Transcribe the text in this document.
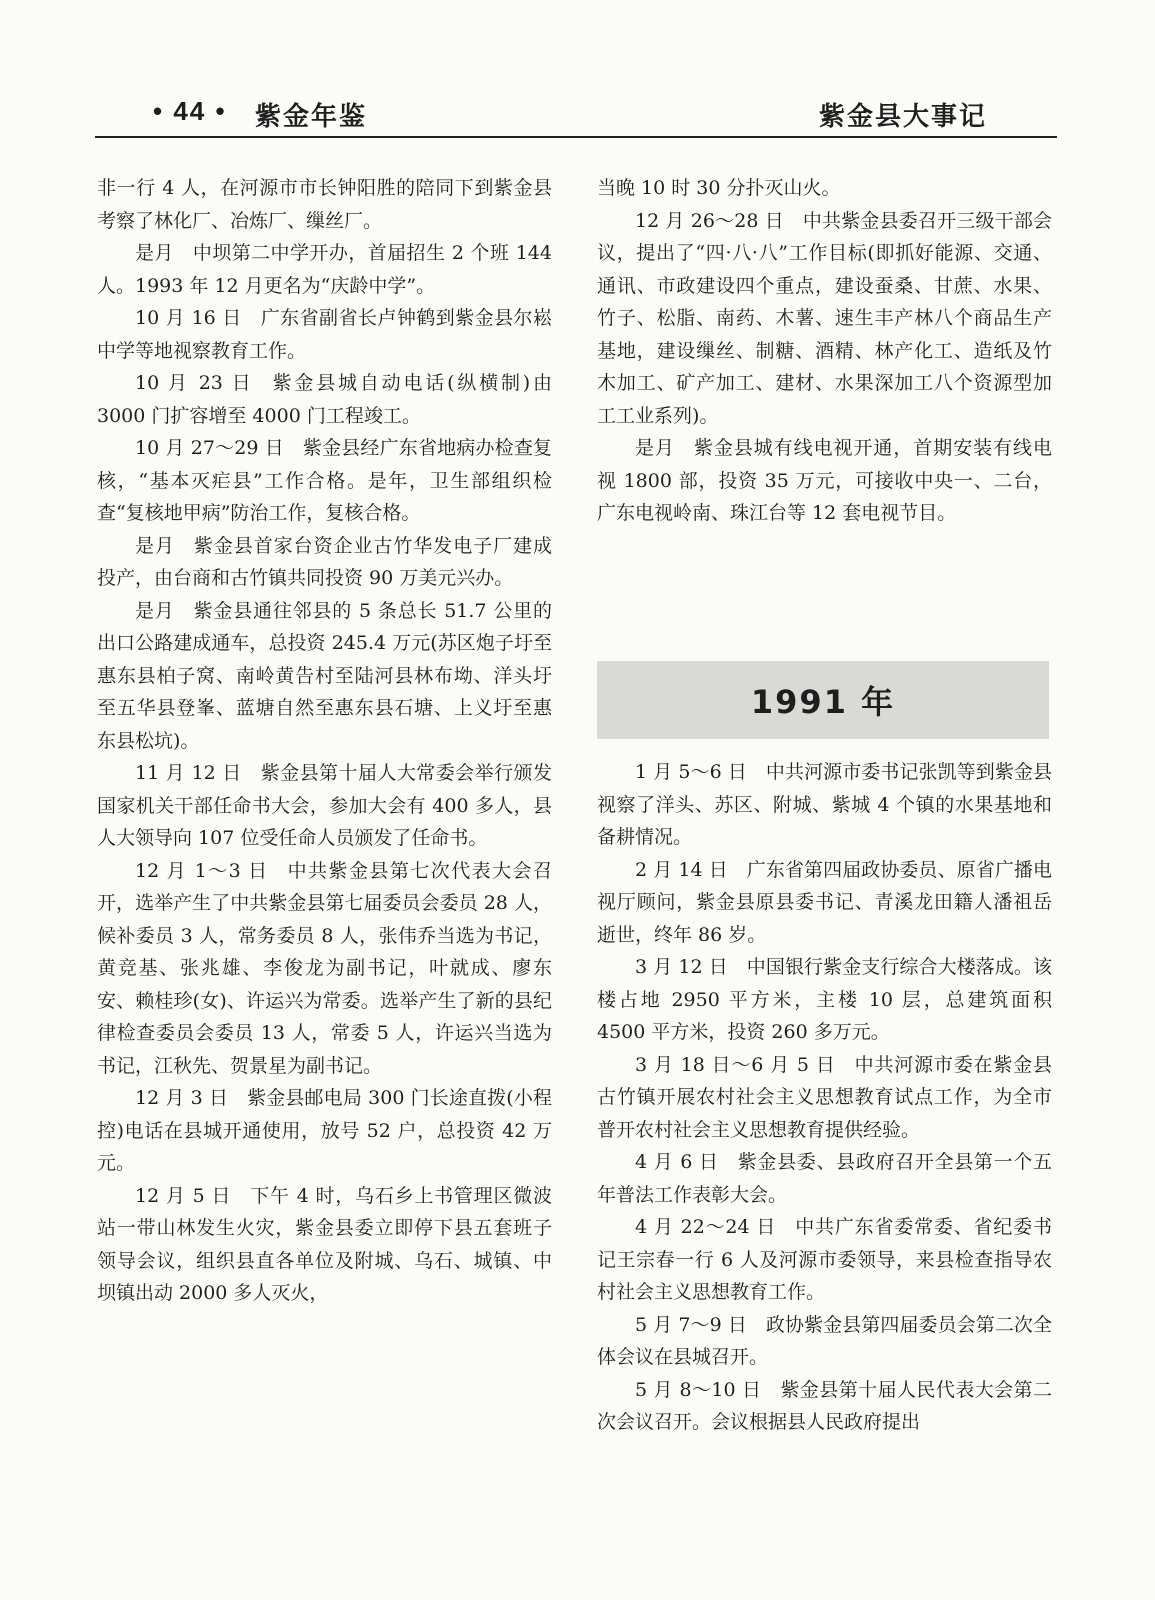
• 44 • 紫金年鉴	紫金县大事记

非一行 4 人，在河源市市长钟阳胜的陪同下到紫金县考察了林化厂、冶炼厂、缫丝厂。

是月 中坝第二中学开办，首届招生 2 个班 144 人。1993 年 12 月更名为“庆龄中学”。

10 月 16 日 广东省副省长卢钟鹤到紫金县尔崧中学等地视察教育工作。

10 月 23 日 紫金县城自动电话(纵横制)由 3000 门扩容增至 4000 门工程竣工。

10 月 27～29 日 紫金县经广东省地病办检查复核，“基本灭疟县”工作合格。是年，卫生部组织检查“复核地甲病”防治工作，复核合格。

是月 紫金县首家台资企业古竹华发电子厂建成投产，由台商和古竹镇共同投资 90 万美元兴办。

是月 紫金县通往邻县的 5 条总长 51.7 公里的出口公路建成通车，总投资 245.4 万元(苏区炮子圩至惠东县柏子窝、南岭黄告村至陆河县林布坳、洋头圩至五华县登峯、蓝塘自然至惠东县石塘、上义圩至惠东县松坑)。

11 月 12 日 紫金县第十届人大常委会举行颁发国家机关干部任命书大会，参加大会有 400 多人，县人大领导向 107 位受任命人员颁发了任命书。

12 月 1～3 日 中共紫金县第七次代表大会召开，选举产生了中共紫金县第七届委员会委员 28 人，候补委员 3 人，常务委员 8 人，张伟乔当选为书记，黄竞基、张兆雄、李俊龙为副书记，叶就成、廖东安、赖桂珍(女)、许运兴为常委。选举产生了新的县纪律检查委员会委员 13 人，常委 5 人，许运兴当选为书记，江秋先、贺景星为副书记。

12 月 3 日 紫金县邮电局 300 门长途直拨(小程控)电话在县城开通使用，放号 52 户，总投资 42 万元。

12 月 5 日 下午 4 时，乌石乡上书管理区微波站一带山林发生火灾，紫金县委立即停下县五套班子领导会议，组织县直各单位及附城、乌石、城镇、中坝镇出动 2000 多人灭火，

当晚 10 时 30 分扑灭山火。

12 月 26～28 日 中共紫金县委召开三级干部会议，提出了“四·八·八”工作目标(即抓好能源、交通、通讯、市政建设四个重点，建设蚕桑、甘蔗、水果、竹子、松脂、南药、木薯、速生丰产林八个商品生产基地，建设缫丝、制糖、酒精、林产化工、造纸及竹木加工、矿产加工、建材、水果深加工八个资源型加工工业系列)。

是月 紫金县城有线电视开通，首期安装有线电视 1800 部，投资 35 万元，可接收中央一、二台，广东电视岭南、珠江台等 12 套电视节目。

1991 年

1 月 5～6 日 中共河源市委书记张凯等到紫金县视察了洋头、苏区、附城、紫城 4 个镇的水果基地和备耕情况。

2 月 14 日 广东省第四届政协委员、原省广播电视厅顾问，紫金县原县委书记、青溪龙田籍人潘祖岳逝世，终年 86 岁。

3 月 12 日 中国银行紫金支行综合大楼落成。该楼占地 2950 平方米，主楼 10 层，总建筑面积 4500 平方米，投资 260 多万元。

3 月 18 日～6 月 5 日 中共河源市委在紫金县古竹镇开展农村社会主义思想教育试点工作，为全市普开农村社会主义思想教育提供经验。

4 月 6 日 紫金县委、县政府召开全县第一个五年普法工作表彰大会。

4 月 22～24 日 中共广东省委常委、省纪委书记王宗春一行 6 人及河源市委领导，来县检查指导农村社会主义思想教育工作。

5 月 7～9 日 政协紫金县第四届委员会第二次全体会议在县城召开。

5 月 8～10 日 紫金县第十届人民代表大会第二次会议召开。会议根据县人民政府提出
